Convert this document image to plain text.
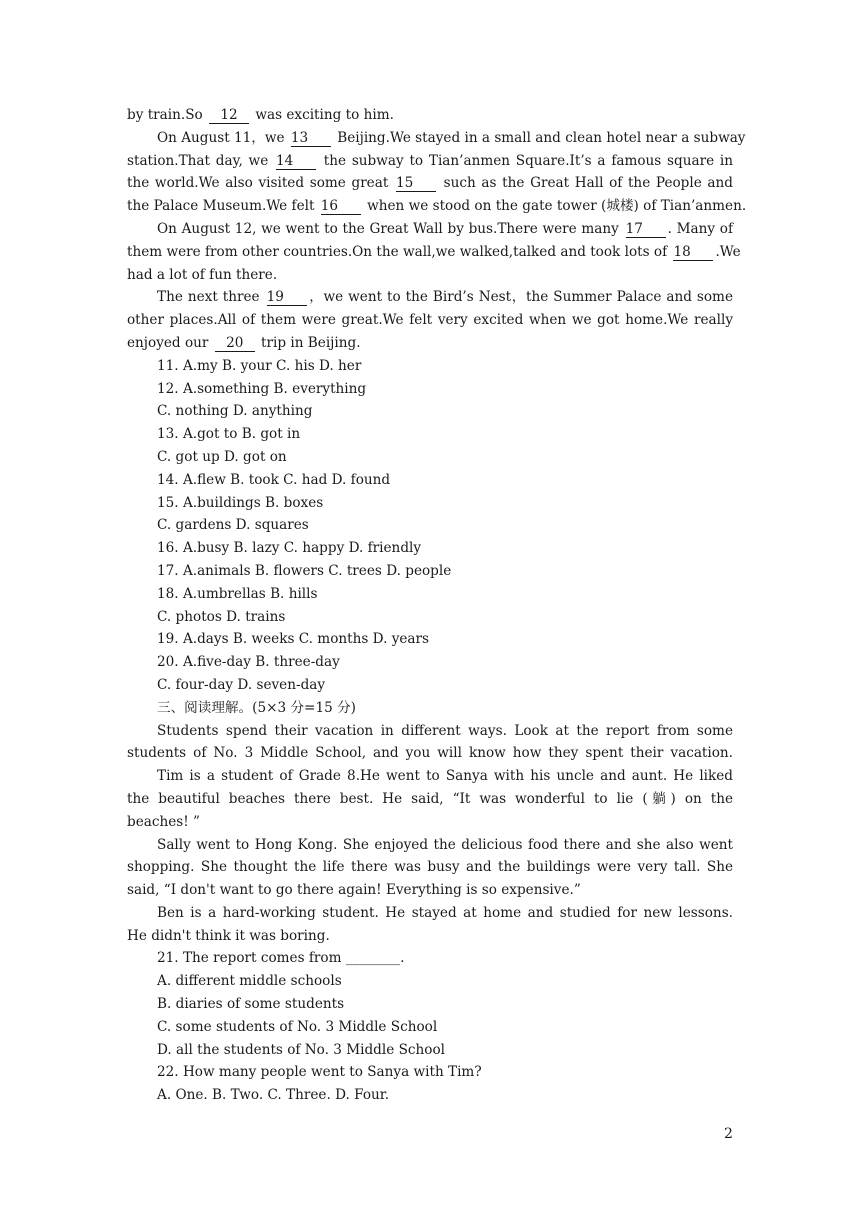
by train.So 12 was exciting to him.
On August 11，we 13 Beijing.We stayed in a small and clean hotel near a subway
station.That day, we 14 the subway to Tian’anmen Square.It’s a famous square in
the world.We also visited some great 15 such as the Great Hall of the People and
the Palace Museum.We felt 16 when we stood on the gate tower (城楼) of Tian’anmen.
On August 12, we went to the Great Wall by bus.There were many 17 . Many of
them were from other countries.On the wall,we walked,talked and took lots of 18 .We
had a lot of fun there.
The next three 19 ，we went to the Bird’s Nest，the Summer Palace and some
other places.All of them were great.We felt very excited when we got home.We really
enjoyed our 20 trip in Beijing.
11. A.my B. your C. his D. her
12. A.something B. everything
C. nothing D. anything
13. A.got to B. got in
C. got up D. got on
14. A.flew B. took C. had D. found
15. A.buildings B. boxes
C. gardens D. squares
16. A.busy B. lazy C. happy D. friendly
17. A.animals B. flowers C. trees D. people
18. A.umbrellas B. hills
C. photos D. trains
19. A.days B. weeks C. months D. years
20. A.five-day B. three-day
C. four-day D. seven-day
三、阅读理解。(5×3 分=15 分)
Students spend their vacation in different ways. Look at the report from some
students of No. 3 Middle School, and you will know how they spent their vacation.
Tim is a student of Grade 8.He went to Sanya with his uncle and aunt. He liked
the beautiful beaches there best. He said, “It was wonderful to lie (躺) on the
beaches! ”
Sally went to Hong Kong. She enjoyed the delicious food there and she also went
shopping. She thought the life there was busy and the buildings were very tall. She
said, “I don't want to go there again! Everything is so expensive.”
Ben is a hard-working student. He stayed at home and studied for new lessons.
He didn't think it was boring.
21. The report comes from ________.
A. different middle schools
B. diaries of some students
C. some students of No. 3 Middle School
D. all the students of No. 3 Middle School
22. How many people went to Sanya with Tim?
A. One. B. Two. C. Three. D. Four.
2
